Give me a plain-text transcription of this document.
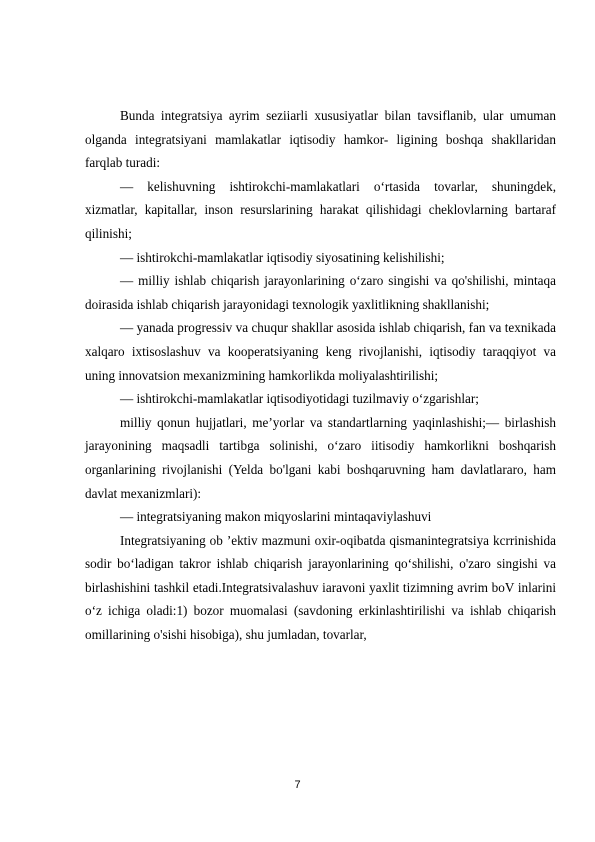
Bunda integratsiya ayrim seziiarli xususiyatlar bilan tavsiflanib, ular umuman olganda integratsiyani mamlakatlar iqtisodiy hamkor- ligining boshqa shakllaridan farqlab turadi:

— kelishuvning ishtirokchi-mamlakatlari o‘rtasida tovarlar, shuningdek, xizmatlar, kapitallar, inson resurslarining harakat qilishidagi cheklovlarning bartaraf qilinishi;

— ishtirokchi-mamlakatlar iqtisodiy siyosatining kelishilishi;

— milliy ishlab chiqarish jarayonlarining o‘zaro singishi va qo'shilishi, mintaqa doirasida ishlab chiqarish jarayonidagi texnologik yaxlitlikning shakllanishi;

— yanada progressiv va chuqur shakllar asosida ishlab chiqarish, fan va texnikada xalqaro ixtisoslashuv va kooperatsiyaning keng rivojlanishi, iqtisodiy taraqqiyot va uning innovatsion mexanizmining hamkorlikda moliyalashtirilishi;

— ishtirokchi-mamlakatlar iqtisodiyotidagi tuzilmaviy o‘zgarishlar;

milliy qonun hujjatlari, me’yorlar va standartlarning yaqinlashishi;— birlashish jarayonining maqsadli tartibga solinishi, o‘zaro iitisodiy hamkorlikni boshqarish organlarining rivojlanishi (Yelda bo'lgani kabi boshqaruvning ham davlatlararo, ham davlat mexanizmlari):

— integratsiyaning makon miqyoslarini mintaqaviylashuvi

Integratsiyaning ob ’ektiv mazmuni oxir-oqibatda qismanintegratsiya kcrrinishida sodir bo‘ladigan takror ishlab chiqarish jarayonlarining qo‘shilishi, o'zaro singishi va birlashishini tashkil etadi.Integratsivalashuv iaravoni yaxlit tizimning avrim boV inlarini o‘z ichiga oladi:1) bozor muomalasi (savdoning erkinlashtirilishi va ishlab chiqarish omillarining o'sishi hisobiga), shu jumladan, tovarlar,

7
